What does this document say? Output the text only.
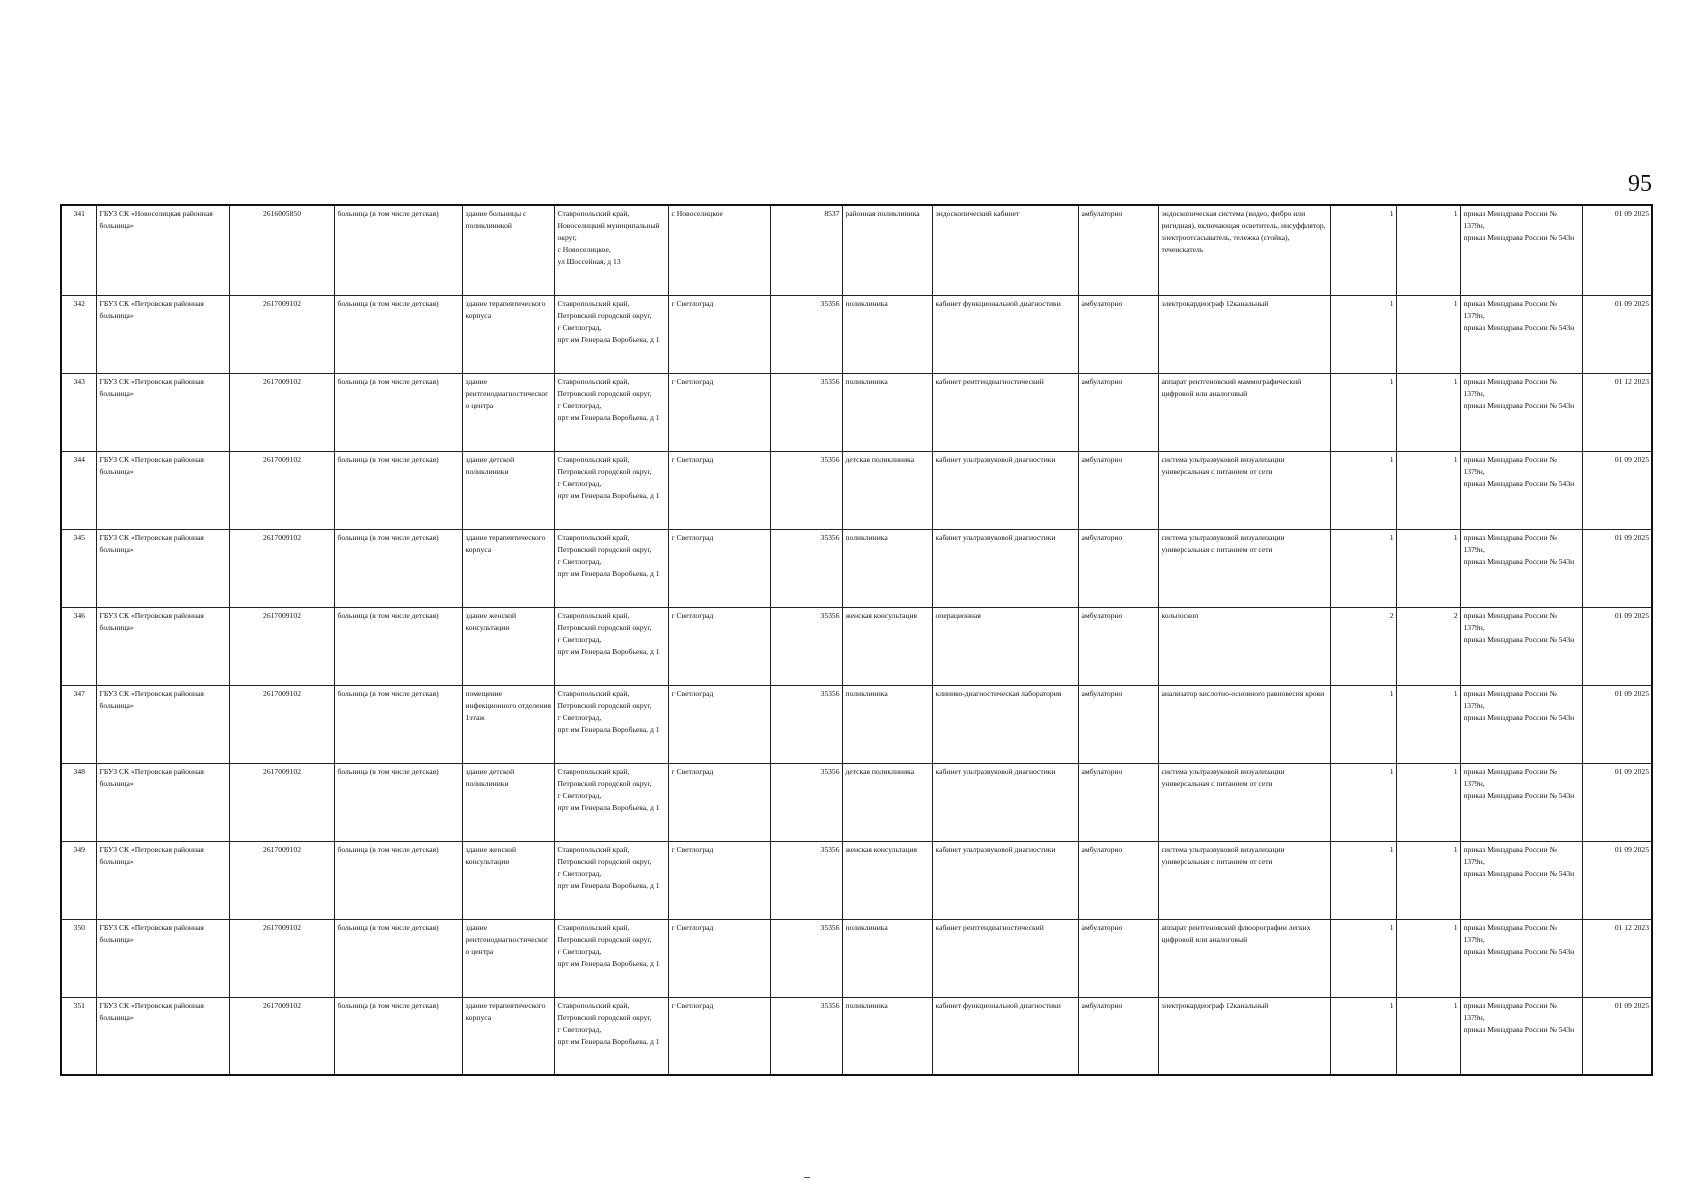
95
341	ГБУЗ СК «Новоселицкая районная больница»	2616005850	больница (в том числе детская)	здание больницы с поликлиникой	Ставропольский край,
Новоселицкий муниципальный округ,
с Новоселицкое,
ул Шоссейная, д 13	с Новоселицкое	8537	районная поликлиника	эндоскопический кабинет	амбулаторно	эндоскопическая система (видео, фибро или ригидная), включающая осветитель, инсуффлятор, электроотсасыватель, тележка (стойка), течеискатель	1	1	приказ Минздрава России № 1379н,
приказ Минздрава России № 543н	01 09 2025
342	ГБУЗ СК «Петровская районная больница»	2617009102	больница (в том числе детская)	здание терапевтического корпуса	Ставропольский край,
Петровский городской округ,
г Светлоград,
прт им Генерала Воробьева, д 1	г Светлоград	35356	поликлиника	кабинет функциональной диагностики	амбулаторно	электрокардиограф 12канальный	1	1	приказ Минздрава России № 1379н,
приказ Минздрава России № 543н	01 09 2025
343	ГБУЗ СК «Петровская районная больница»	2617009102	больница (в том числе детская)	здание рентгенодиагностического центра	Ставропольский край,
Петровский городской округ,
г Светлоград,
прт им Генерала Воробьева, д 1	г Светлоград	35356	поликлиника	кабинет рентгендиагностический	амбулаторно	аппарат рентгеновский маммографический цифровой или аналоговый	1	1	приказ Минздрава России № 1379н,
приказ Минздрава России № 543н	01 12 2023
344	ГБУЗ СК «Петровская районная больница»	2617009102	больница (в том числе детская)	здание детской поликлиники	Ставропольский край,
Петровский городской округ,
г Светлоград,
прт им Генерала Воробьева, д 1	г Светлоград	35356	детская поликлиника	кабинет ультразвуковой диагностики	амбулаторно	система ультразвуковой визуализации универсальная с питанием от сети	1	1	приказ Минздрава России № 1379н,
приказ Минздрава России № 543н	01 09 2025
345	ГБУЗ СК «Петровская районная больница»	2617009102	больница (в том числе детская)	здание терапевтического корпуса	Ставропольский край,
Петровский городской округ,
г Светлоград,
прт им Генерала Воробьева, д 1	г Светлоград	35356	поликлиника	кабинет ультразвуковой диагностики	амбулаторно	система ультразвуковой визуализации универсальная с питанием от сети	1	1	приказ Минздрава России № 1379н,
приказ Минздрава России № 543н	01 09 2025
346	ГБУЗ СК «Петровская районная больница»	2617009102	больница (в том числе детская)	здание женской консультации	Ставропольский край,
Петровский городской округ,
г Светлоград,
прт им Генерала Воробьева, д 1	г Светлоград	35356	женская консультация	операционная	амбулаторно	кольпоскоп	2	2	приказ Минздрава России № 1379н,
приказ Минздрава России № 543н	01 09 2025
347	ГБУЗ СК «Петровская районная больница»	2617009102	больница (в том числе детская)	помещение инфекционного отделения 1этаж	Ставропольский край,
Петровский городской округ,
г Светлоград,
прт им Генерала Воробьева, д 1	г Светлоград	35356	поликлиника	клинико-диагностическая лаборатория	амбулаторно	анализатор кислотно-основного равновесия крови	1	1	приказ Минздрава России № 1379н,
приказ Минздрава России № 543н	01 09 2025
348	ГБУЗ СК «Петровская районная больница»	2617009102	больница (в том числе детская)	здание детской поликлиники	Ставропольский край,
Петровский городской округ,
г Светлоград,
прт им Генерала Воробьева, д 1	г Светлоград	35356	детская поликлиника	кабинет ультразвуковой диагностики	амбулаторно	система ультразвуковой визуализации универсальная с питанием от сети	1	1	приказ Минздрава России № 1379н,
приказ Минздрава России № 543н	01 09 2025
349	ГБУЗ СК «Петровская районная больница»	2617009102	больница (в том числе детская)	здание женской консультации	Ставропольский край,
Петровский городской округ,
г Светлоград,
прт им Генерала Воробьева, д 1	г Светлоград	35356	женская консультация	кабинет ультразвуковой диагностики	амбулаторно	система ультразвуковой визуализации универсальная с питанием от сети	1	1	приказ Минздрава России № 1379н,
приказ Минздрава России № 543н	01 09 2025
350	ГБУЗ СК «Петровская районная больница»	2617009102	больница (в том числе детская)	здание рентгенодиагностического центра	Ставропольский край,
Петровский городской округ,
г Светлоград,
прт им Генерала Воробьева, д 1	г Светлоград	35356	поликлиника	кабинет рентгендиагностический	амбулаторно	аппарат рентгеновский флюорографии легких цифровой или аналоговый	1	1	приказ Минздрава России № 1379н,
приказ Минздрава России № 543н	01 12 2023
351	ГБУЗ СК «Петровская районная больница»	2617009102	больница (в том числе детская)	здание терапевтического корпуса	Ставропольский край,
Петровский городской округ,
г Светлоград,
прт им Генерала Воробьева, д 1	г Светлоград	35356	поликлиника	кабинет функциональной диагностики	амбулаторно	электрокардиограф 12канальный	1	1	приказ Минздрава России № 1379н,
приказ Минздрава России № 543н	01 09 2025
